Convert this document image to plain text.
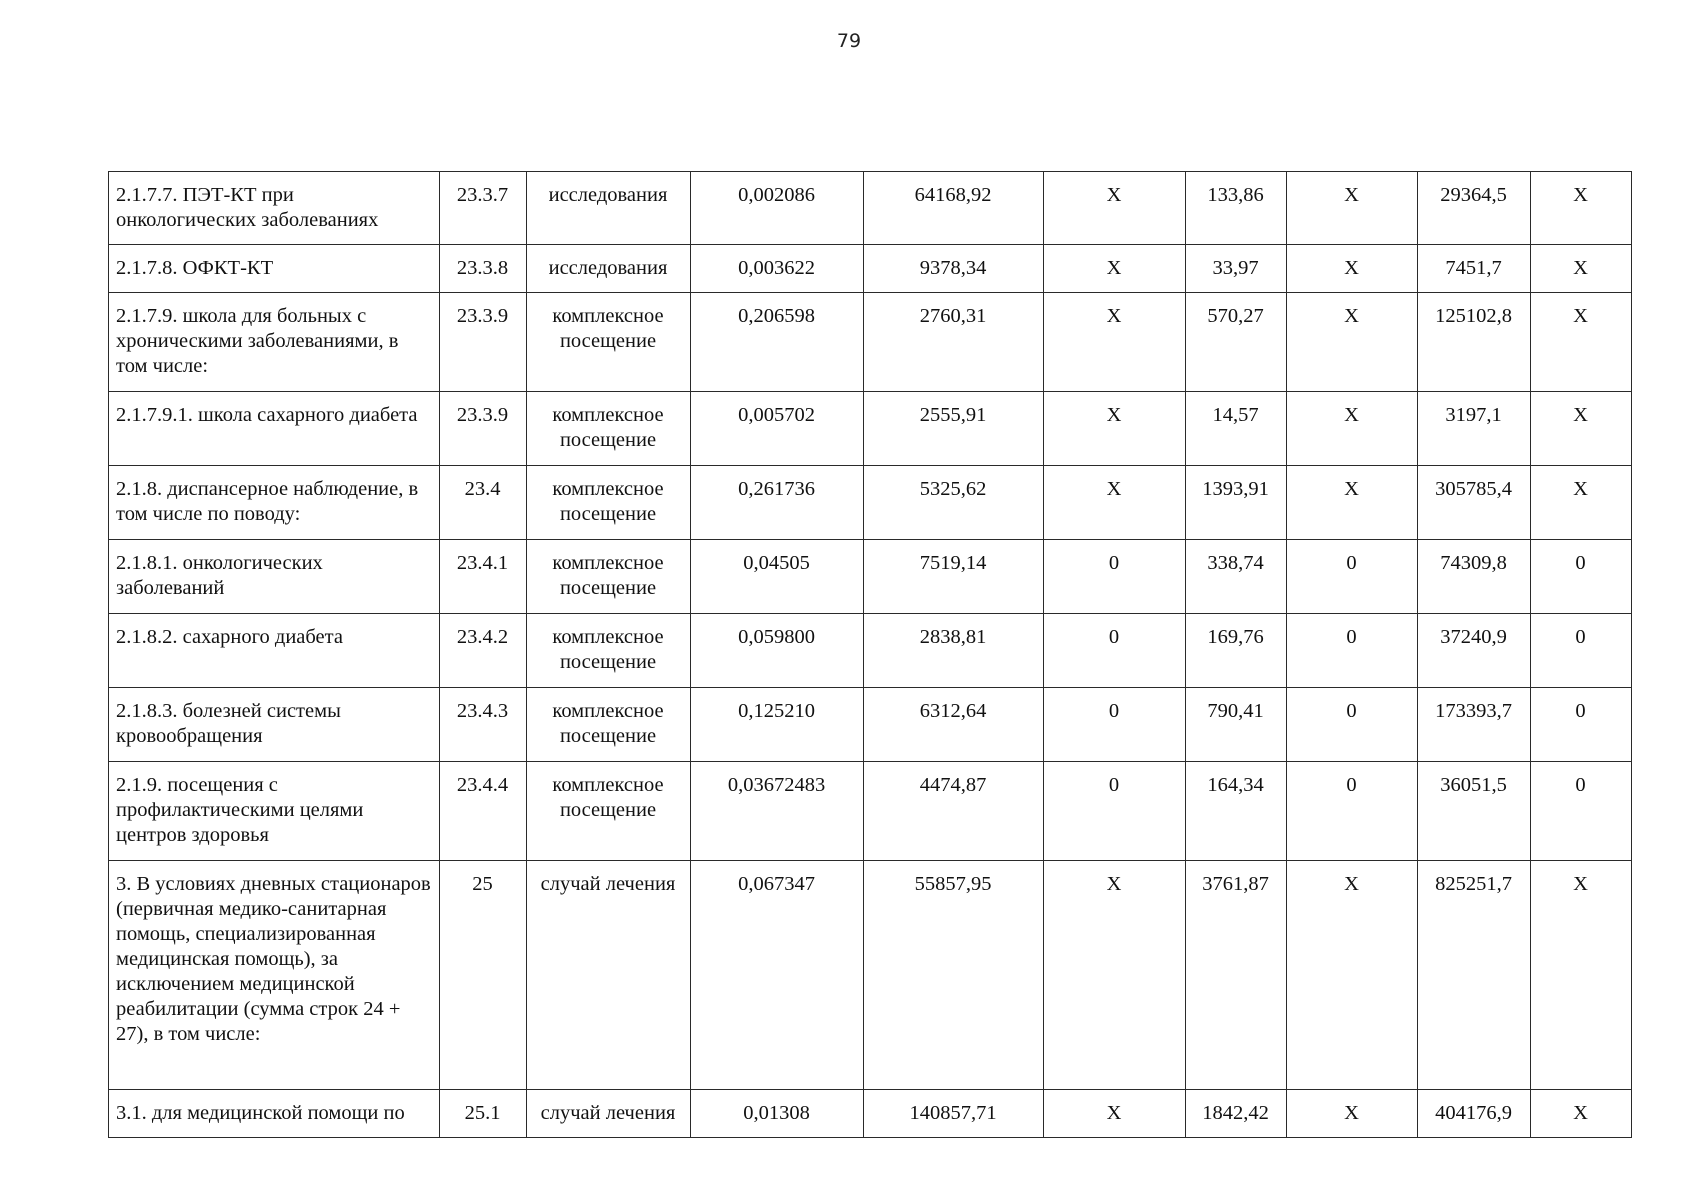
79
2.1.7.7. ПЭТ-КТ при онкологических заболеваниях	23.3.7	исследования	0,002086	64168,92	Х	133,86	Х	29364,5	Х
2.1.7.8. ОФКТ-КТ	23.3.8	исследования	0,003622	9378,34	Х	33,97	Х	7451,7	Х
2.1.7.9. школа для больных с хроническими заболеваниями, в том числе:	23.3.9	комплексное посещение	0,206598	2760,31	Х	570,27	Х	125102,8	Х
2.1.7.9.1. школа сахарного диабета	23.3.9	комплексное посещение	0,005702	2555,91	Х	14,57	Х	3197,1	Х
2.1.8. диспансерное наблюдение, в том числе по поводу:	23.4	комплексное посещение	0,261736	5325,62	Х	1393,91	Х	305785,4	Х
2.1.8.1. онкологических заболеваний	23.4.1	комплексное посещение	0,04505	7519,14	0	338,74	0	74309,8	0
2.1.8.2. сахарного диабета	23.4.2	комплексное посещение	0,059800	2838,81	0	169,76	0	37240,9	0
2.1.8.3. болезней системы кровообращения	23.4.3	комплексное посещение	0,125210	6312,64	0	790,41	0	173393,7	0
2.1.9. посещения с профилактическими целями центров здоровья	23.4.4	комплексное посещение	0,03672483	4474,87	0	164,34	0	36051,5	0
3. В условиях дневных стационаров (первичная медико-санитарная помощь, специализированная медицинская помощь), за исключением медицинской реабилитации (сумма строк 24 + 27), в том числе:	25	случай лечения	0,067347	55857,95	Х	3761,87	Х	825251,7	Х
3.1. для медицинской помощи по	25.1	случай лечения	0,01308	140857,71	Х	1842,42	Х	404176,9	Х
